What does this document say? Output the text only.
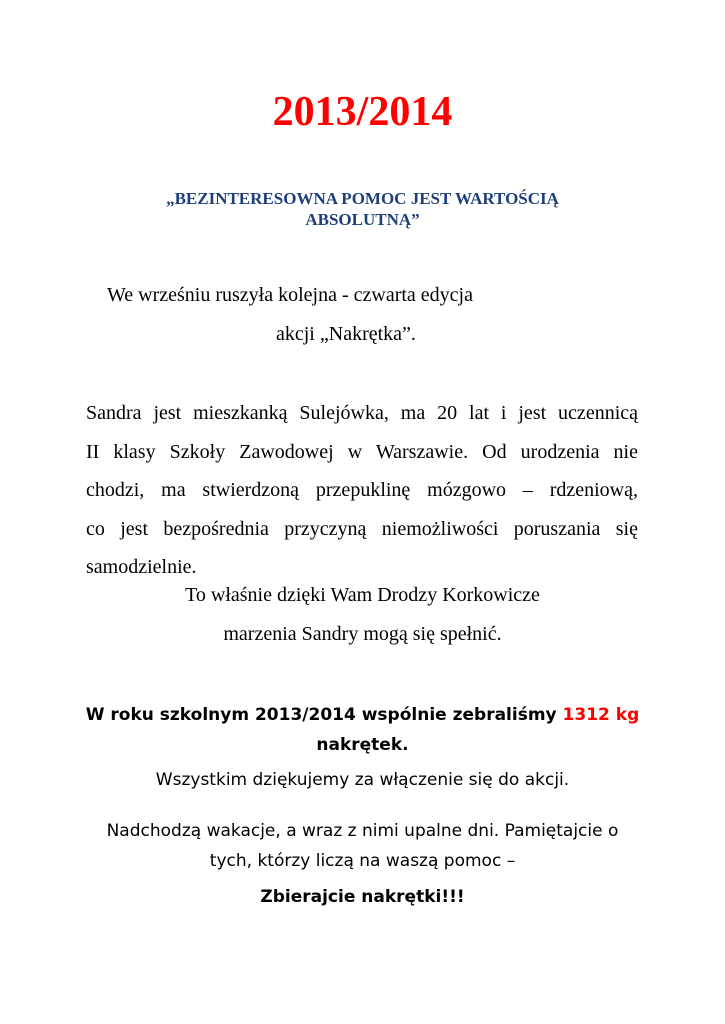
2013/2014
„BEZINTERESOWNA POMOC JEST WARTOŚCIĄ
ABSOLUTNĄ”
We wrześniu ruszyła kolejna - czwarta edycja
akcji „Nakrętka”.
Sandra jest mieszkanką Sulejówka, ma 20 lat i jest uczennicą
II klasy Szkoły Zawodowej w Warszawie. Od urodzenia nie
chodzi, ma stwierdzoną przepuklinę mózgowo – rdzeniową,
co jest bezpośrednia przyczyną niemożliwości poruszania się
samodzielnie.
To właśnie dzięki Wam Drodzy Korkowicze
marzenia Sandry mogą się spełnić.
W roku szkolnym 2013/2014 wspólnie zebraliśmy 1312 kg
nakrętek.
Wszystkim dziękujemy za włączenie się do akcji.
Nadchodzą wakacje, a wraz z nimi upalne dni. Pamiętajcie o
tych, którzy liczą na waszą pomoc –
Zbierajcie nakrętki!!!
